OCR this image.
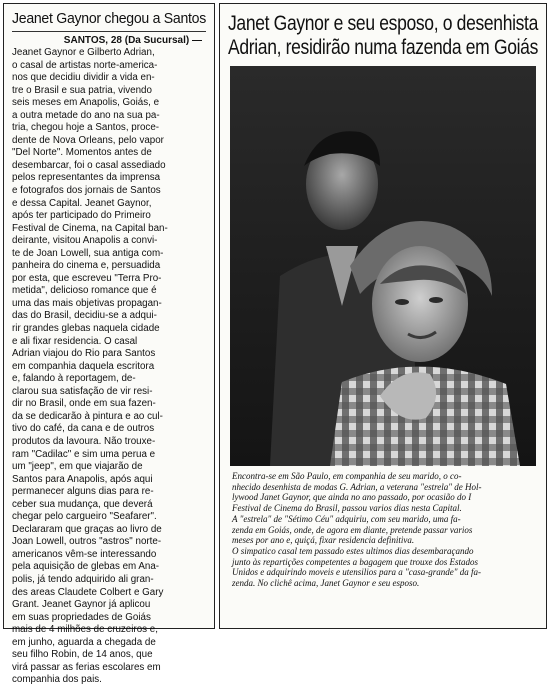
Jeanet Gaynor chegou a Santos
SANTOS, 28 (Da Sucursal) —

Jeanet Gaynor e Gilberto Adrian,

o casal de artistas norte-america-

nos que decidiu dividir a vida en-

tre o Brasil e sua patria, vivendo

seis meses em Anapolis, Goiás, e

a outra metade do ano na sua pa-

tria, chegou hoje a Santos, proce-

dente de Nova Orleans, pelo vapor

"Del Norte". Momentos antes de

desembarcar, foi o casal assediado

pelos representantes da imprensa

e fotografos dos jornais de Santos

e dessa Capital. Jeanet Gaynor,

após ter participado do Primeiro

Festival de Cinema, na Capital ban-

deirante, visitou Anapolis a convi-

te de Joan Lowell, sua antiga com-

panheira do cinema e, persuadida

por esta, que escreveu "Terra Pro-

metida", delicioso romance que é

uma das mais objetivas propagan-

das do Brasil, decidiu-se a adqui-

rir grandes glebas naquela cidade

e ali fixar residencia. O casal

Adrian viajou do Rio para Santos

em companhia daquela escritora

e, falando à reportagem, de-

clarou sua satisfação de vir resi-

dir no Brasil, onde em sua fazen-

da se dedicarão à pintura e ao cul-

tivo do café, da cana e de outros

produtos da lavoura. Não trouxe-

ram "Cadilac" e sim uma perua e

um "jeep", em que viajarão de

Santos para Anapolis, após aqui

permanecer alguns dias para re-

ceber sua mudança, que deverá

chegar pelo cargueiro "Seafarer".

Declararam que graças ao livro de

Joan Lowell, outros "astros" norte-

americanos vêm-se interessando

pela aquisição de glebas em Ana-

polis, já tendo adquirido ali gran-

des areas Claudete Colbert e Gary

Grant. Jeanet Gaynor já aplicou

em suas propriedades de Goiás

mais de 4 milhões de cruzeiros e,

em junho, aguarda a chegada de

seu filho Robin, de 14 anos, que

virá passar as ferias escolares em

companhia dos pais.

Janet Gaynor e seu esposo, o desenhista
Adrian, residirão numa fazenda em Goiás

Encontra-se em São Paulo, em companhia de seu marido, o co-

nhecido desenhista de modas G. Adrian, a veterana "estrela" de Hol-

lywood Janet Gaynor, que ainda no ano passado, por ocasião do I

Festival de Cinema do Brasil, passou varios dias nesta Capital.

A "estrela" de "Sétimo Céu" adquiriu, com seu marido, uma fa-

zenda em Goiás, onde, de agora em diante, pretende passar varios

meses por ano e, quiçá, fixar residencia definitiva.

O simpatico casal tem passado estes ultimos dias desembaraçando

junto às repartições competentes a bagagem que trouxe dos Estados

Unidos e adquirindo moveis e utensilios para a "casa-grande" da fa-

zenda. No clichê acima, Janet Gaynor e seu esposo.
